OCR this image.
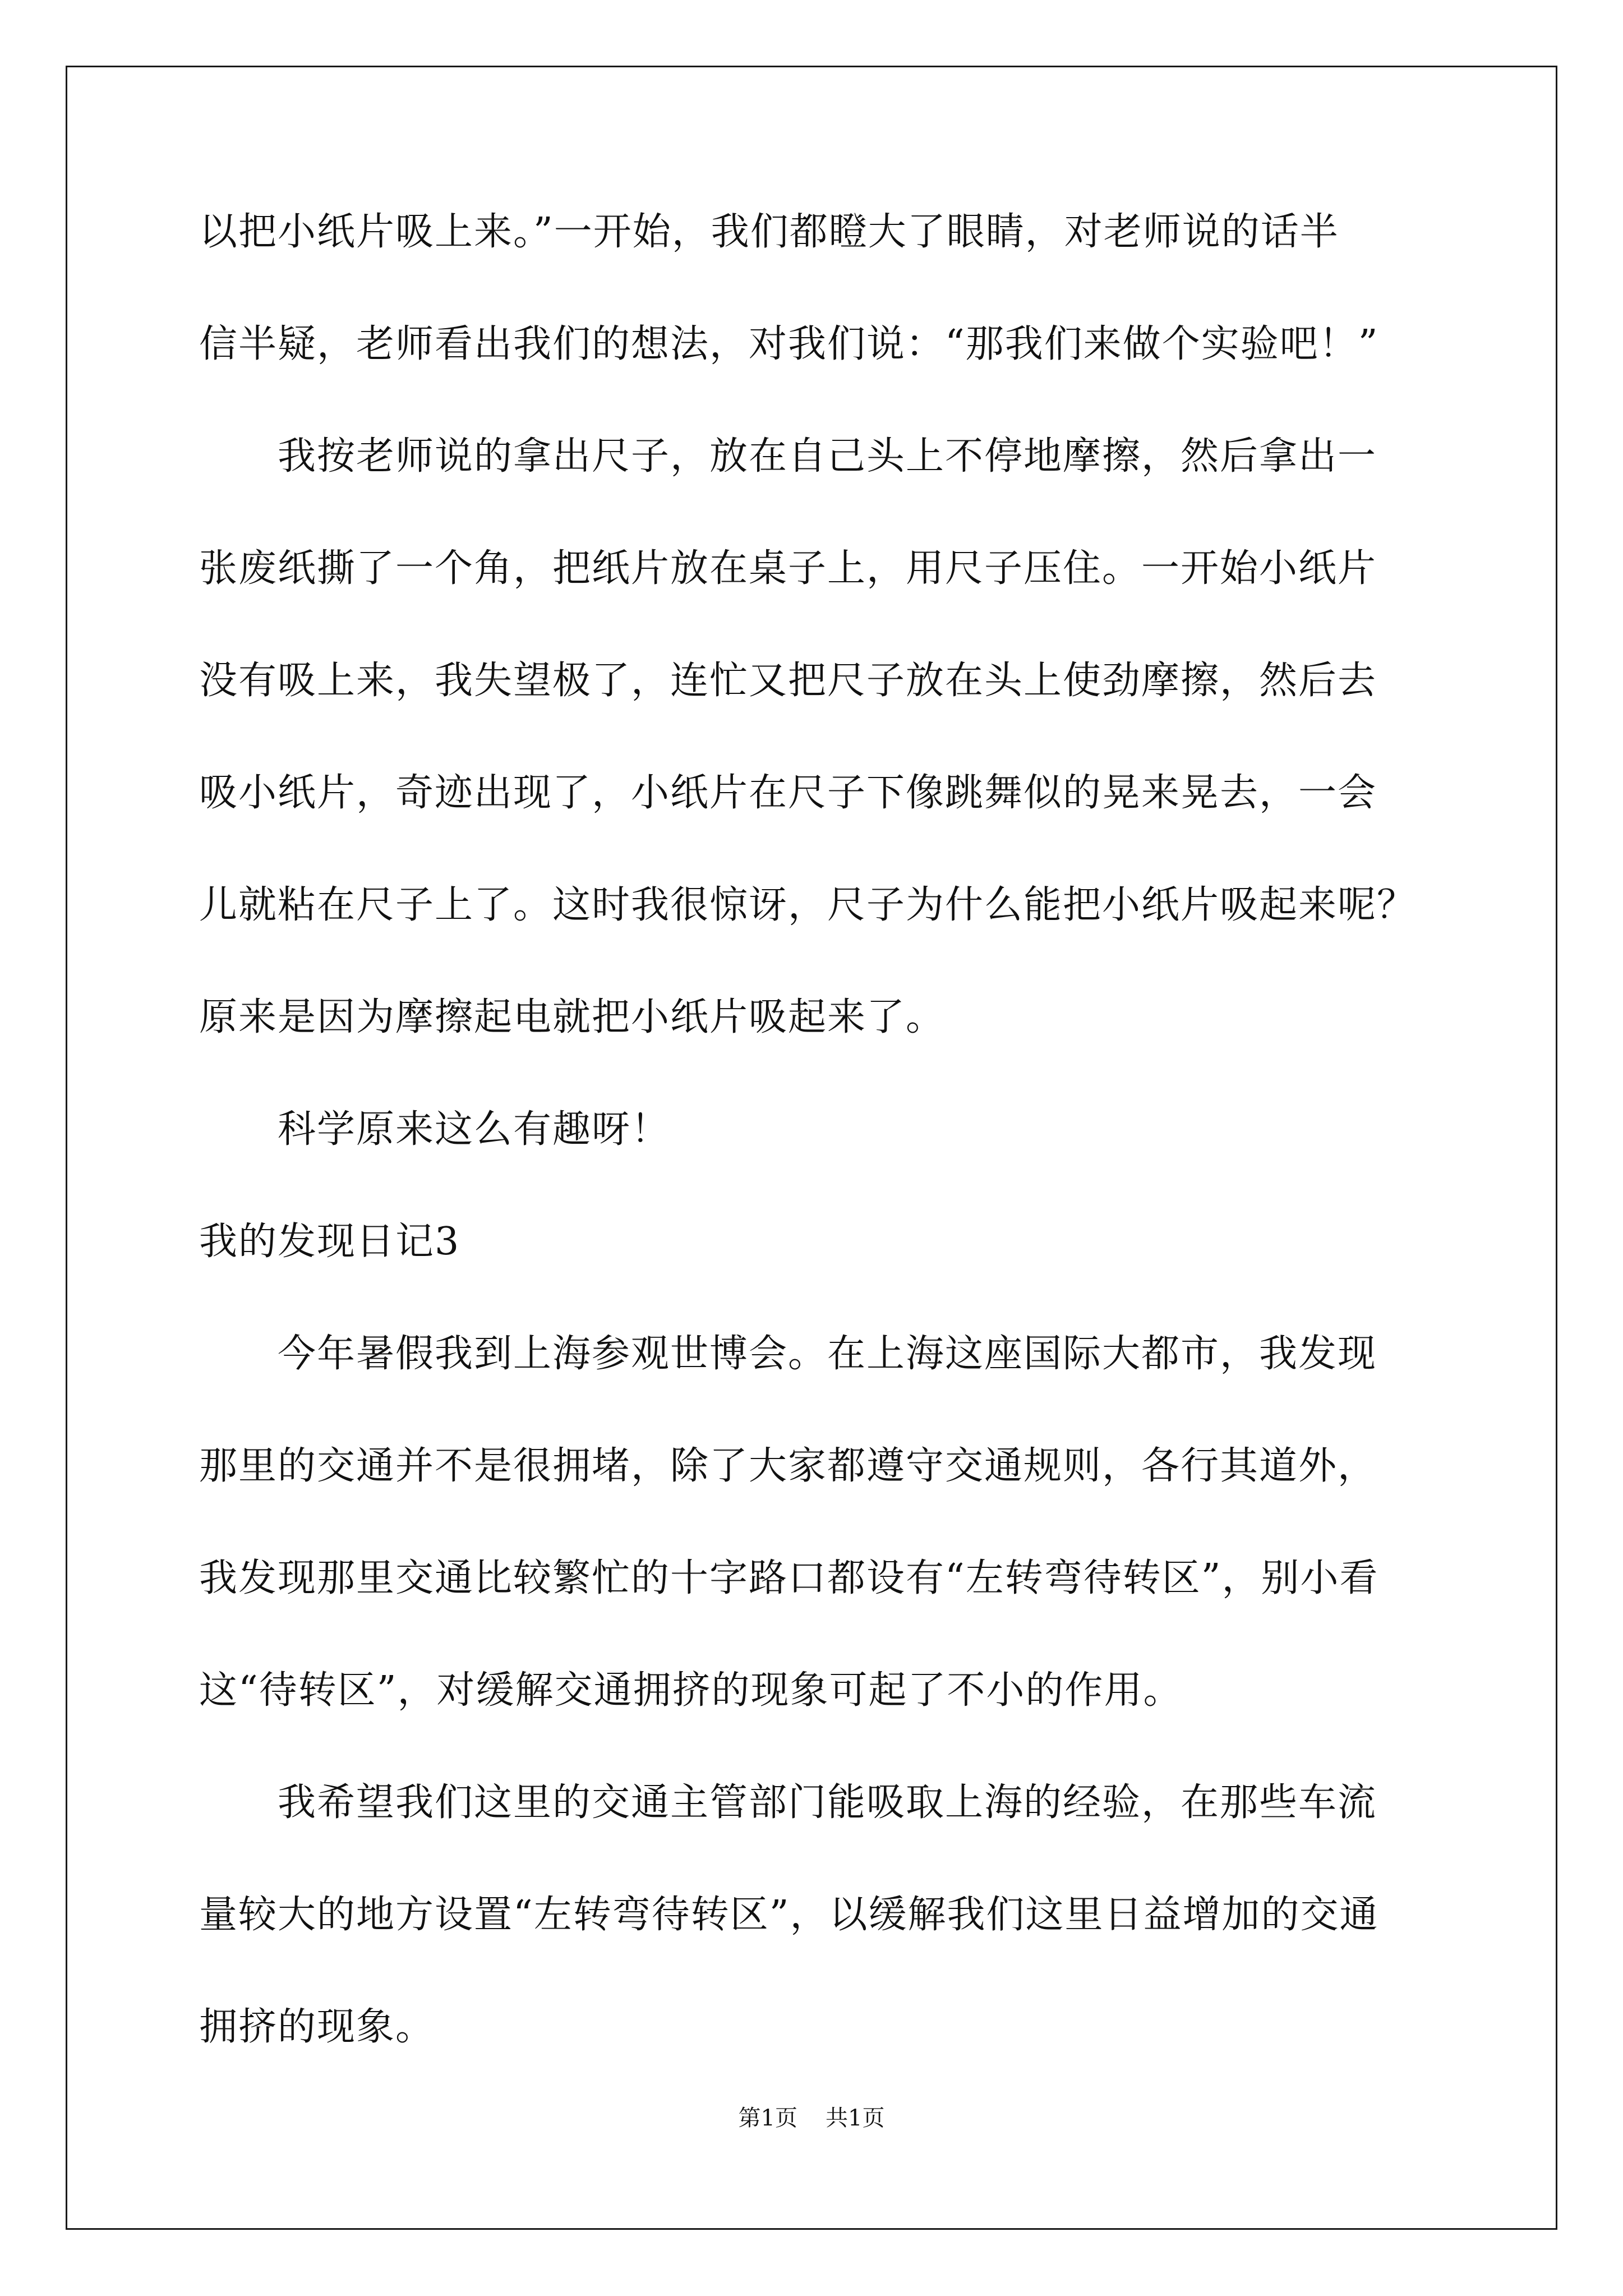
以把小纸片吸上来。”一开始，我们都瞪大了眼睛，对老师说的话半
信半疑，老师看出我们的想法，对我们说：“那我们来做个实验吧！”
我按老师说的拿出尺子，放在自己头上不停地摩擦，然后拿出一
张废纸撕了一个角，把纸片放在桌子上，用尺子压住。一开始小纸片
没有吸上来，我失望极了，连忙又把尺子放在头上使劲摩擦，然后去
吸小纸片，奇迹出现了，小纸片在尺子下像跳舞似的晃来晃去，一会
儿就粘在尺子上了。这时我很惊讶，尺子为什么能把小纸片吸起来呢？
原来是因为摩擦起电就把小纸片吸起来了。
科学原来这么有趣呀！
我的发现日记3
今年暑假我到上海参观世博会。在上海这座国际大都市，我发现
那里的交通并不是很拥堵，除了大家都遵守交通规则，各行其道外，
我发现那里交通比较繁忙的十字路口都设有“左转弯待转区”，别小看
这“待转区”，对缓解交通拥挤的现象可起了不小的作用。
我希望我们这里的交通主管部门能吸取上海的经验，在那些车流
量较大的地方设置“左转弯待转区”，以缓解我们这里日益增加的交通
拥挤的现象。
第1页 共1页
